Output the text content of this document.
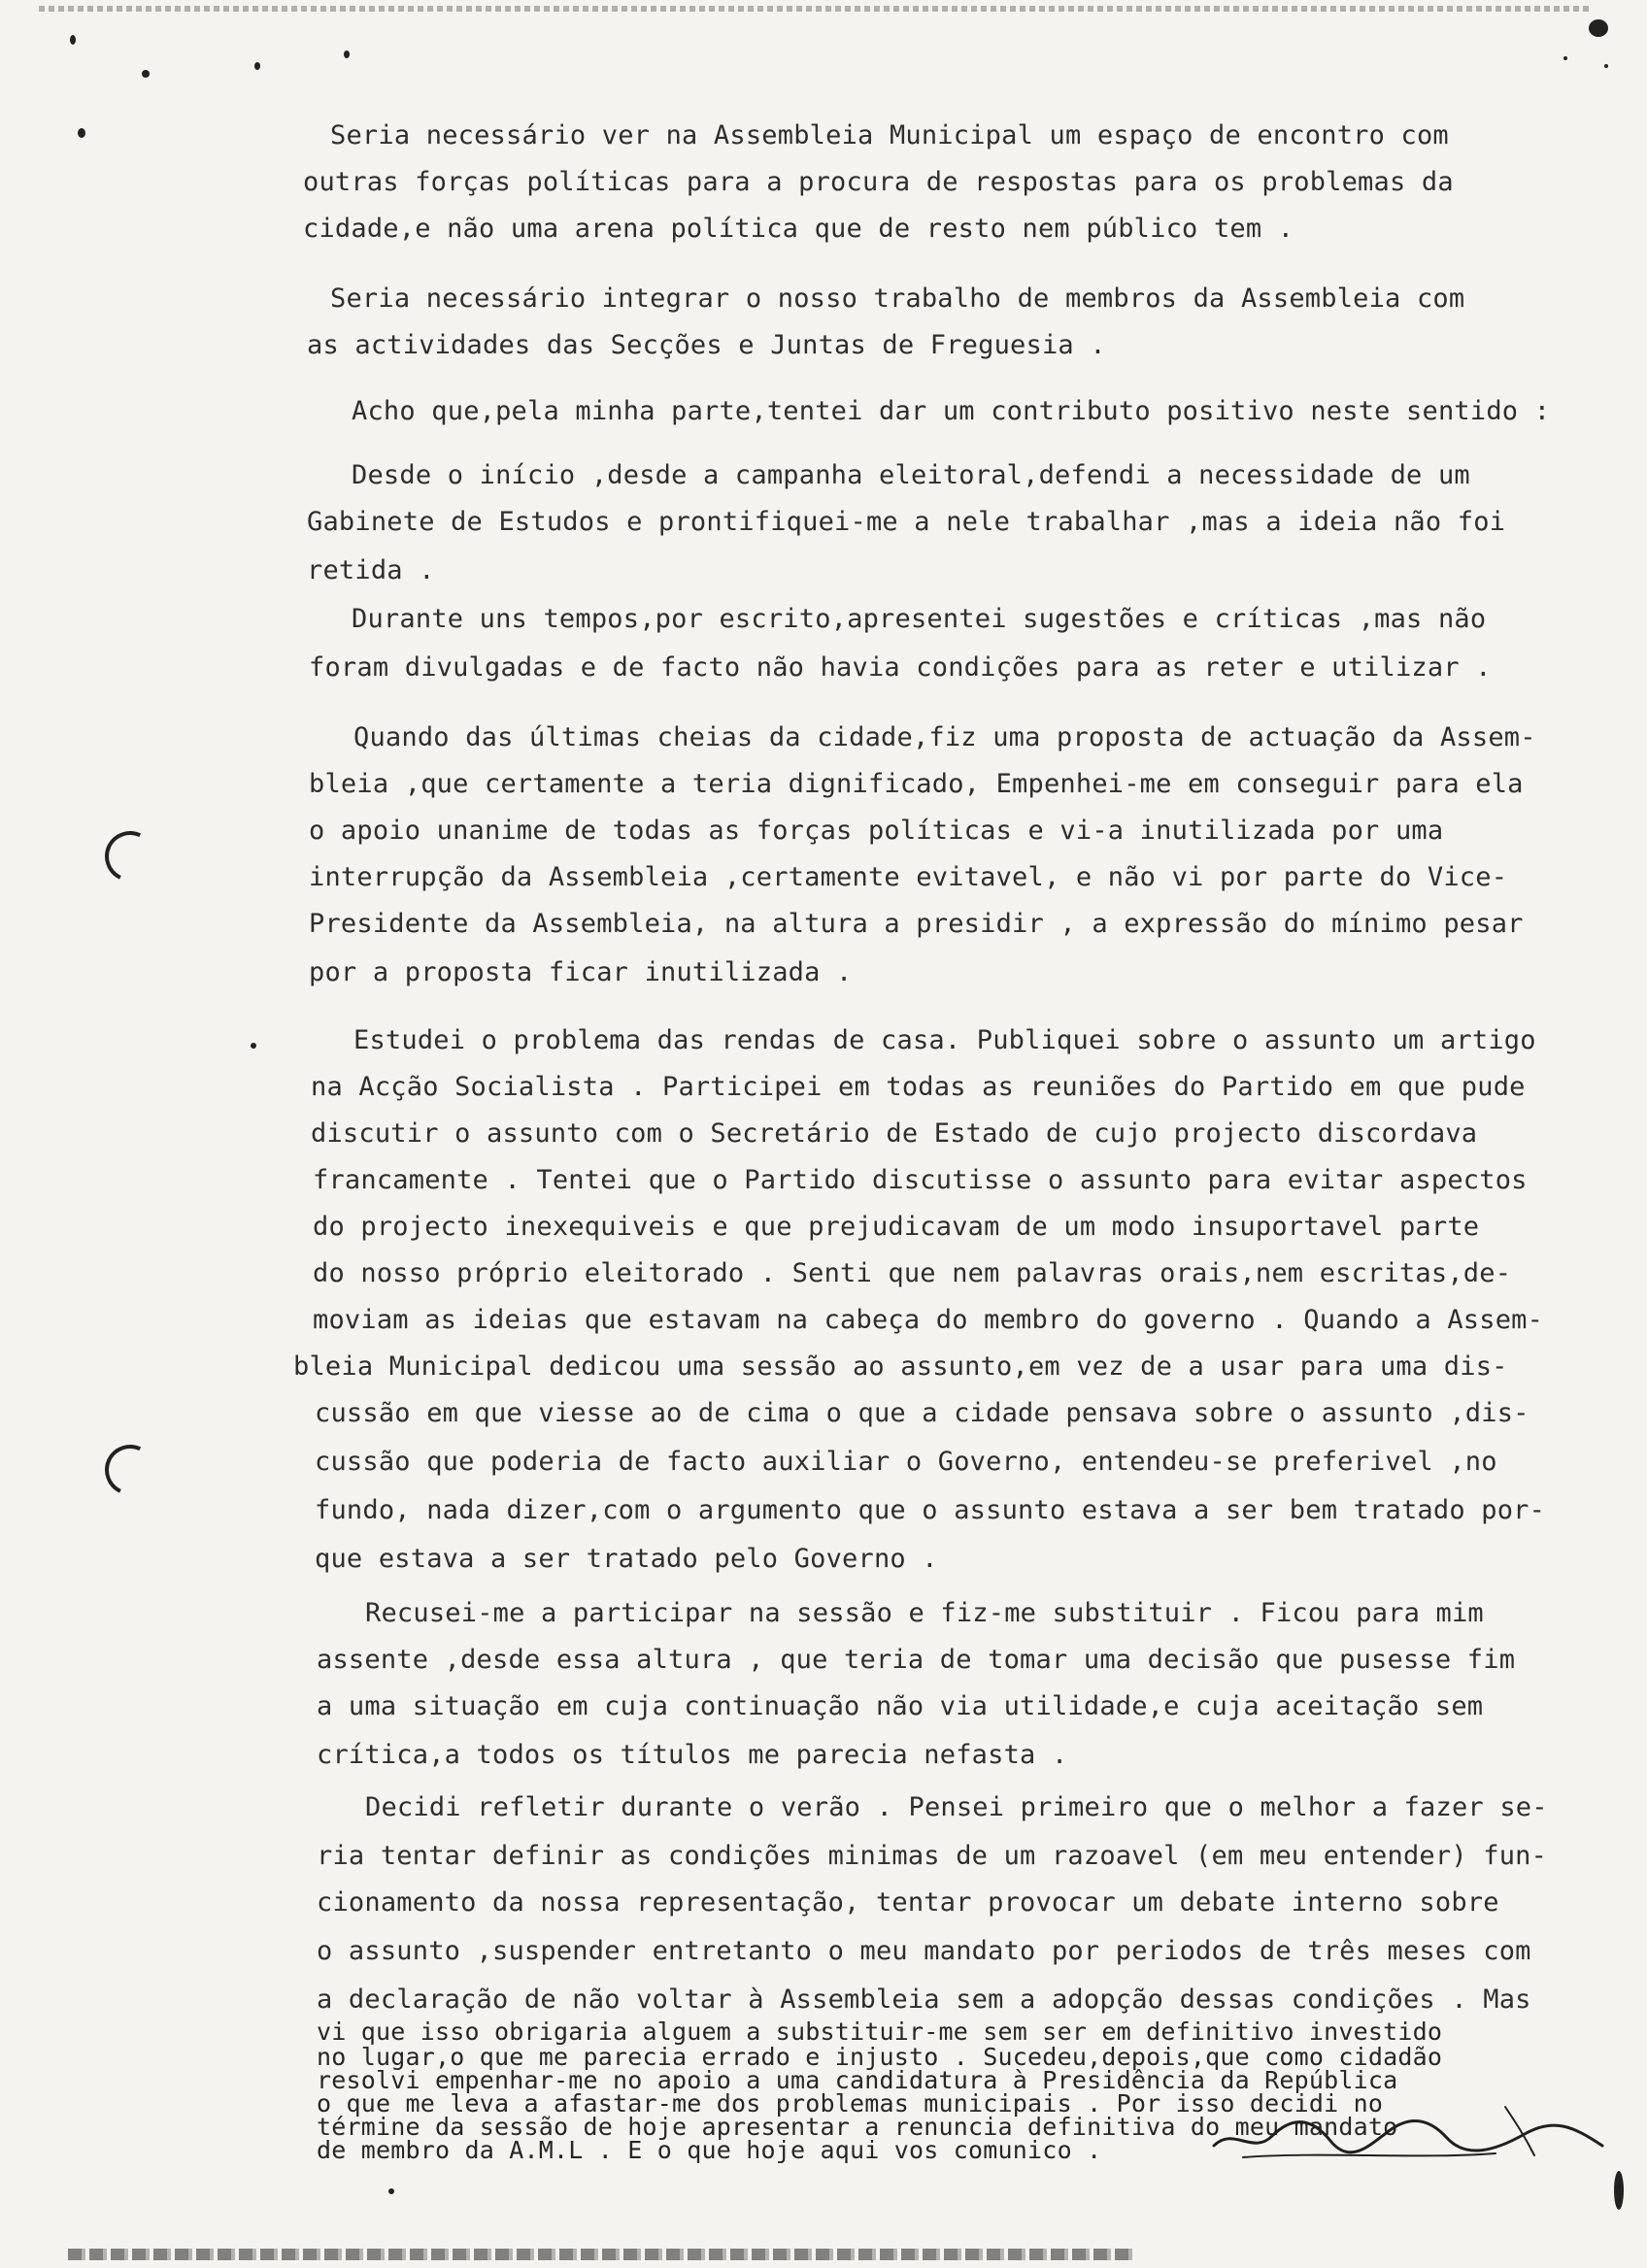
Seria necessário ver na Assembleia Municipal um espaço de encontro com
outras forças políticas para a procura de respostas para os problemas da
cidade,e não uma arena política que de resto nem público tem .
Seria necessário integrar o nosso trabalho de membros da Assembleia com
as actividades das Secções e Juntas de Freguesia .
Acho que,pela minha parte,tentei dar um contributo positivo neste sentido :
Desde o início ,desde a campanha eleitoral,defendi a necessidade de um
Gabinete de Estudos e prontifiquei-me a nele trabalhar ,mas a ideia não foi
retida .
Durante uns tempos,por escrito,apresentei sugestões e críticas ,mas não
foram divulgadas e de facto não havia condições para as reter e utilizar .
Quando das últimas cheias da cidade,fiz uma proposta de actuação da Assem-
bleia ,que certamente a teria dignificado, Empenhei-me em conseguir para ela
o apoio unanime de todas as forças políticas e vi-a inutilizada por uma
interrupção da Assembleia ,certamente evitavel, e não vi por parte do Vice-
Presidente da Assembleia, na altura a presidir , a expressão do mínimo pesar
por a proposta ficar inutilizada .
Estudei o problema das rendas de casa. Publiquei sobre o assunto um artigo
na Acção Socialista . Participei em todas as reuniões do Partido em que pude
discutir o assunto com o Secretário de Estado de cujo projecto discordava
francamente . Tentei que o Partido discutisse o assunto para evitar aspectos
do projecto inexequiveis e que prejudicavam de um modo insuportavel parte
do nosso próprio eleitorado . Senti que nem palavras orais,nem escritas,de-
moviam as ideias que estavam na cabeça do membro do governo . Quando a Assem-
bleia Municipal dedicou uma sessão ao assunto,em vez de a usar para uma dis-
cussão em que viesse ao de cima o que a cidade pensava sobre o assunto ,dis-
cussão que poderia de facto auxiliar o Governo, entendeu-se preferivel ,no
fundo, nada dizer,com o argumento que o assunto estava a ser bem tratado por-
que estava a ser tratado pelo Governo .
Recusei-me a participar na sessão e fiz-me substituir . Ficou para mim
assente ,desde essa altura , que teria de tomar uma decisão que pusesse fim
a uma situação em cuja continuação não via utilidade,e cuja aceitação sem
crítica,a todos os títulos me parecia nefasta .
Decidi refletir durante o verão . Pensei primeiro que o melhor a fazer se-
ria tentar definir as condições minimas de um razoavel (em meu entender) fun-
cionamento da nossa representação, tentar provocar um debate interno sobre
o assunto ,suspender entretanto o meu mandato por periodos de três meses com
a declaração de não voltar à Assembleia sem a adopção dessas condições . Mas
vi que isso obrigaria alguem a substituir-me sem ser em definitivo investido
no lugar,o que me parecia errado e injusto . Sucedeu,depois,que como cidadão
resolvi empenhar-me no apoio a uma candidatura à Presidência da República
o que me leva a afastar-me dos problemas municipais . Por isso decidi no
términe da sessão de hoje apresentar a renuncia definitiva do meu mandato
de membro da A.M.L . E o que hoje aqui vos comunico .
